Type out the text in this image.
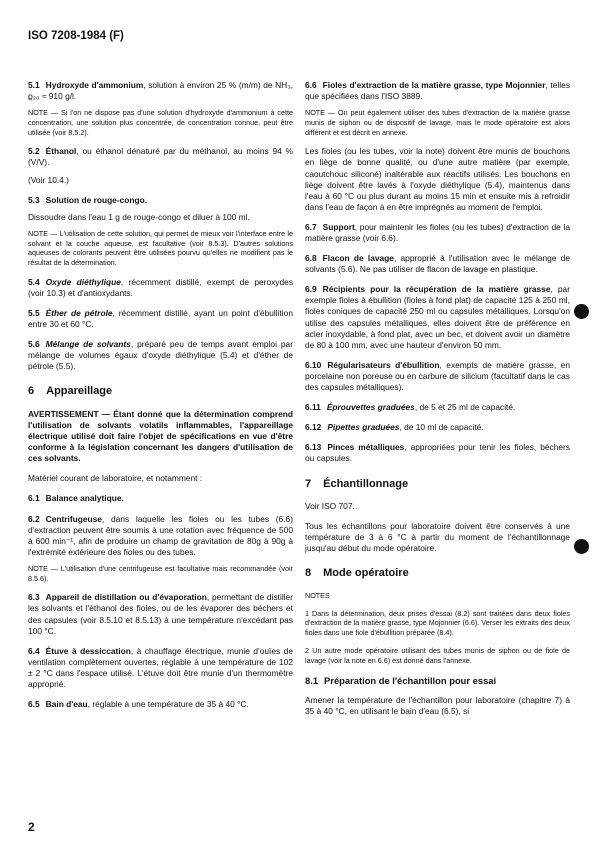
ISO 7208-1984 (F)

5.1 Hydroxyde d'ammonium, solution à environ 25 % (m/m) de NH₃, ϱ₂₀ ≈ 910 g/l.

NOTE — Si l'on ne dispose pas d'une solution d'hydroxyde d'ammonium à cette concentration, une solution plus concentrée, de concentration connue, peut être utilisée (voir 8.5.2).

5.2 Éthanol, ou éthanol dénaturé par du méthanol, au moins 94 % (V/V).

(Voir 10.4.)

5.3 Solution de rouge-congo.

Dissoudre dans l'eau 1 g de rouge-congo et diluer à 100 ml.

NOTE — L'utilisation de cette solution, qui permet de mieux voir l'interface entre le solvant et la couche aqueuse, est facultative (voir 8.5.3). D'autres solutions aqueuses de colorants peuvent être utilisées pourvu qu'elles ne modifient pas le résultat de la détermination.

5.4 Oxyde diéthylique, récemment distillé, exempt de peroxydes (voir 10.3) et d'antioxydants.

5.5 Éther de pétrole, récemment distillé, ayant un point d'ébullition entre 30 et 60 °C.

5.6 Mélange de solvants, préparé peu de temps avant emploi par mélange de volumes égaux d'oxyde diéthylique (5.4) et d'éther de pétrole (5.5).

6 Appareillage

AVERTISSEMENT — Étant donné que la détermination comprend l'utilisation de solvants volatils inflammables, l'appareillage électrique utilisé doit faire l'objet de spécifications en vue d'être conforme à la législation concernant les dangers d'utilisation de ces solvants.

Matériel courant de laboratoire, et notamment :

6.1 Balance analytique.

6.2 Centrifugeuse, dans laquelle les fioles ou les tubes (6.6) d'extraction peuvent être soumis à une rotation avec fréquence de 500 à 600 min⁻¹, afin de produire un champ de gravitation de 80g à 90g à l'extrémité extérieure des fioles ou des tubes.

NOTE — L'utilisation d'une centrifugeuse est facultative mais recommandée (voir 8.5.6).

6.3 Appareil de distillation ou d'évaporation, permettant de distiller les solvants et l'éthanol des fioles, ou de les évaporer des béchers et des capsules (voir 8.5.10 et 8.5.13) à une température n'excédant pas 100 °C.

6.4 Étuve à dessiccation, à chauffage électrique, munie d'ouïes de ventilation complètement ouvertes, réglable à une température de 102 ± 2 °C dans l'espace utilisé. L'étuve doit être munie d'un thermomètre approprié.

6.5 Bain d'eau, réglable à une température de 35 à 40 °C.

6.6 Fioles d'extraction de la matière grasse, type Mojonnier, telles que spécifiées dans l'ISO 3889.

NOTE — On peut également utiliser des tubes d'extraction de la matière grasse munis de siphon ou de dispositif de lavage, mais le mode opératoire est alors différent et est décrit en annexe.

Les fioles (ou les tubes, voir la note) doivent être munis de bouchons en liège de bonne qualité, ou d'une autre matière (par exemple, caoutchouc siliconé) inaltérable aux réactifs utilisés. Les bouchons en liège doivent être lavés à l'oxyde diéthylique (5.4), maintenus dans l'eau à 60 °C ou plus durant au moins 15 min et ensuite mis à refroidir dans l'eau de façon à en être imprégnés au moment de l'emploi.

6.7 Support, pour maintenir les fioles (ou les tubes) d'extraction de la matière grasse (voir 6.6).

6.8 Flacon de lavage, approprié à l'utilisation avec le mélange de solvants (5.6). Ne pas utiliser de flacon de lavage en plastique.

6.9 Récipients pour la récupération de la matière grasse, par exemple fioles à ébullition (fioles à fond plat) de capacité 125 à 250 ml, fioles coniques de capacité 250 ml ou capsules métalliques. Lorsqu'on utilise des capsules métalliques, elles doivent être de préférence en acier inoxydable, à fond plat, avec un bec, et doivent avoir un diamètre de 80 à 100 mm, avec une hauteur d'environ 50 mm.

6.10 Régularisateurs d'ébullition, exempts de matière grasse, en porcelaine non poreuse ou en carbure de silicium (facultatif dans le cas des capsules métalliques).

6.11 Éprouvettes graduées, de 5 et 25 ml de capacité.

6.12 Pipettes graduées, de 10 ml de capacité.

6.13 Pinces métalliques, appropriées pour tenir les fioles, béchers ou capsules.

7 Échantillonnage

Voir ISO 707.

Tous les échantillons pour laboratoire doivent être conservés à une température de 3 à 6 °C à partir du moment de l'échantillonnage jusqu'au début du mode opératoire.

8 Mode opératoire

NOTES

1 Dans la détermination, deux prises d'essai (8.2) sont traitées dans deux fioles d'extraction de la matière grasse, type Mojonnier (6.6). Verser les extraits des deux fioles dans une fiole d'ébullition préparée (8.4).

2 Un autre mode opératoire utilisant des tubes munis de siphon ou de fiole de lavage (voir la note en 6.6) est donné dans l'annexe.

8.1 Préparation de l'échantillon pour essai

Amener la température de l'échantillon pour laboratoire (chapitre 7) à 35 à 40 °C, en utilisant le bain d'eau (6.5), si

2
